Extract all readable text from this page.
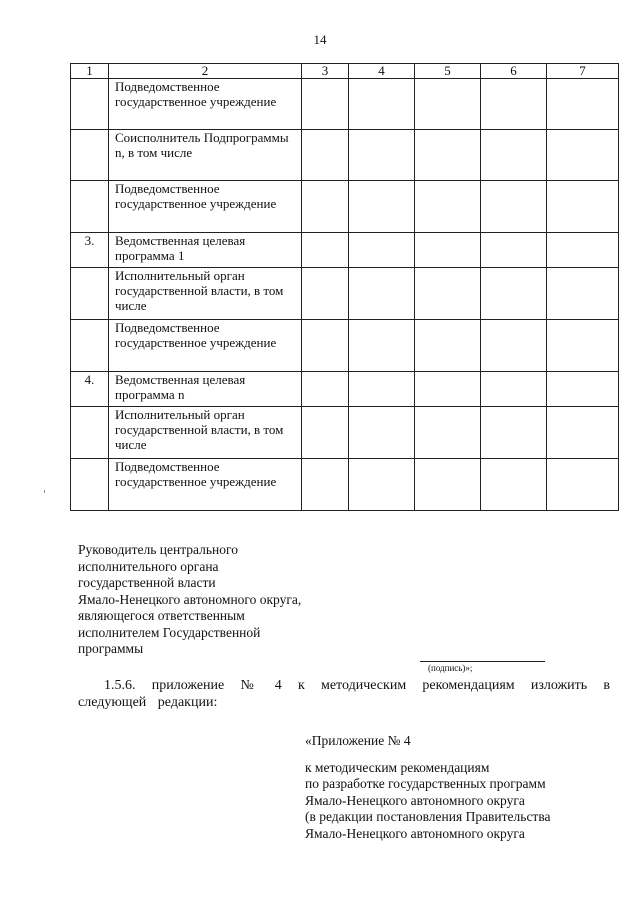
14
1	2	3	4	5	6	7
	Подведомственное государственное учреждение					
	Соисполнитель Подпрограммы n, в том числе					
	Подведомственное государственное учреждение					
3.	Ведомственная целевая программа 1					
	Исполнительный орган государственной власти, в том числе					
	Подведомственное государственное учреждение					
4.	Ведомственная целевая программа n					
	Исполнительный орган государственной власти, в том числе					
	Подведомственное государственное учреждение					
Руководитель центрального
исполнительного органа
государственной власти
Ямало-Ненецкого автономного округа,
являющегося ответственным
исполнителем Государственной
программы
(подпись)»;
1.5.6. приложение № 4 к методическим рекомендациям изложить в следующей редакции:
«Приложение № 4
к методическим рекомендациям
по разработке государственных программ
Ямало-Ненецкого автономного округа
(в редакции постановления Правительства
Ямало-Ненецкого автономного округа
